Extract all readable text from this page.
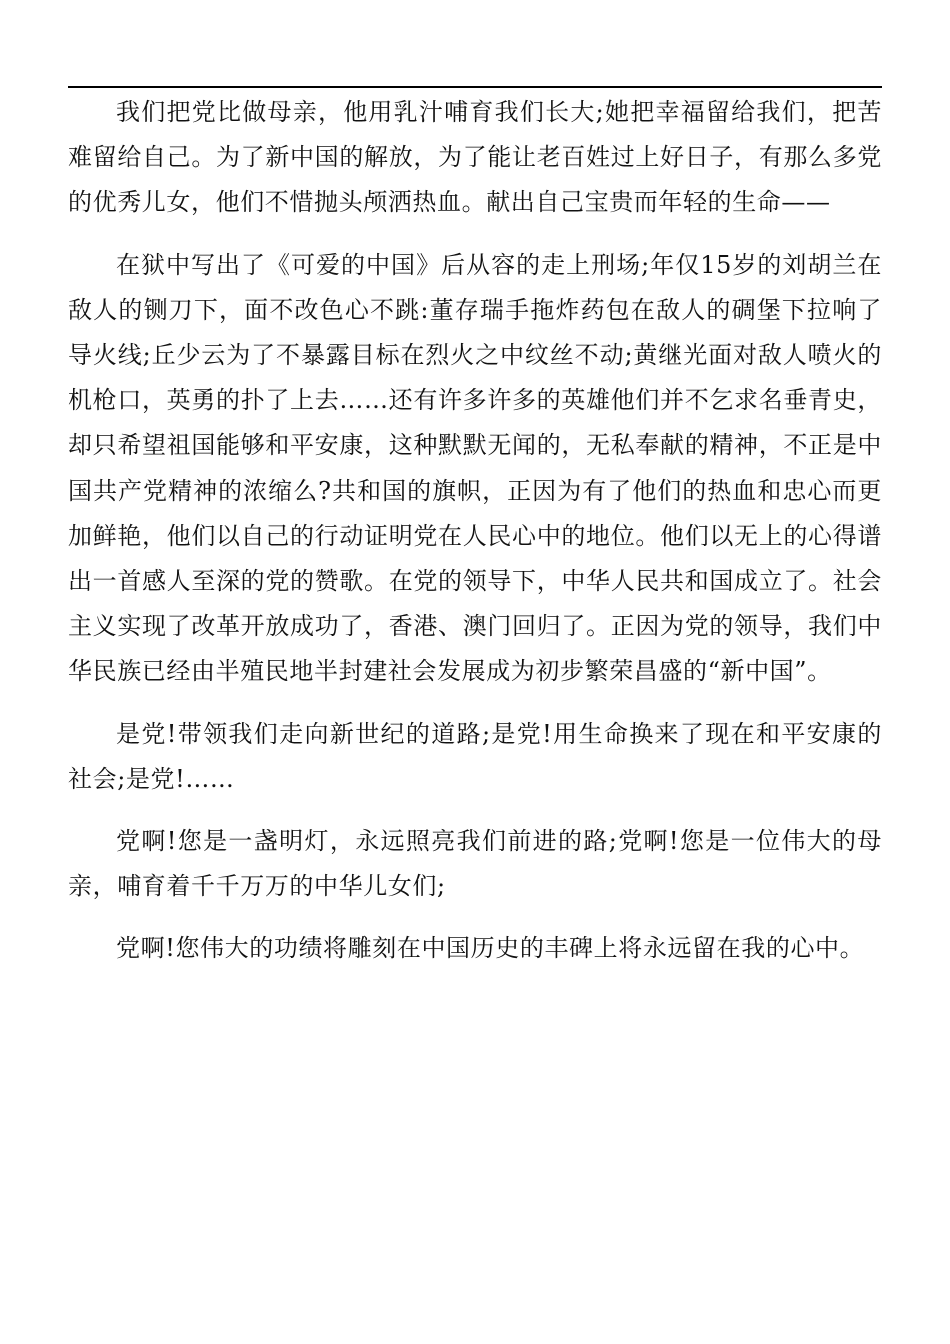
我们把党比做母亲，他用乳汁哺育我们长大;她把幸福留给我们，把苦难留给自己。为了新中国的解放，为了能让老百姓过上好日子，有那么多党的优秀儿女，他们不惜抛头颅洒热血。献出自己宝贵而年轻的生命——

在狱中写出了《可爱的中国》后从容的走上刑场;年仅15岁的刘胡兰在敌人的铡刀下，面不改色心不跳:董存瑞手拖炸药包在敌人的碉堡下拉响了导火线;丘少云为了不暴露目标在烈火之中纹丝不动;黄继光面对敌人喷火的机枪口，英勇的扑了上去……还有许多许多的英雄他们并不乞求名垂青史，却只希望祖国能够和平安康，这种默默无闻的，无私奉献的精神，不正是中国共产党精神的浓缩么?共和国的旗帜，正因为有了他们的热血和忠心而更加鲜艳，他们以自己的行动证明党在人民心中的地位。他们以无上的心得谱出一首感人至深的党的赞歌。在党的领导下，中华人民共和国成立了。社会主义实现了改革开放成功了，香港、澳门回归了。正因为党的领导，我们中华民族已经由半殖民地半封建社会发展成为初步繁荣昌盛的“新中国”。

是党!带领我们走向新世纪的道路;是党!用生命换来了现在和平安康的社会;是党!……

党啊!您是一盏明灯，永远照亮我们前进的路;党啊!您是一位伟大的母亲，哺育着千千万万的中华儿女们;

党啊!您伟大的功绩将雕刻在中国历史的丰碑上将永远留在我的心中。
